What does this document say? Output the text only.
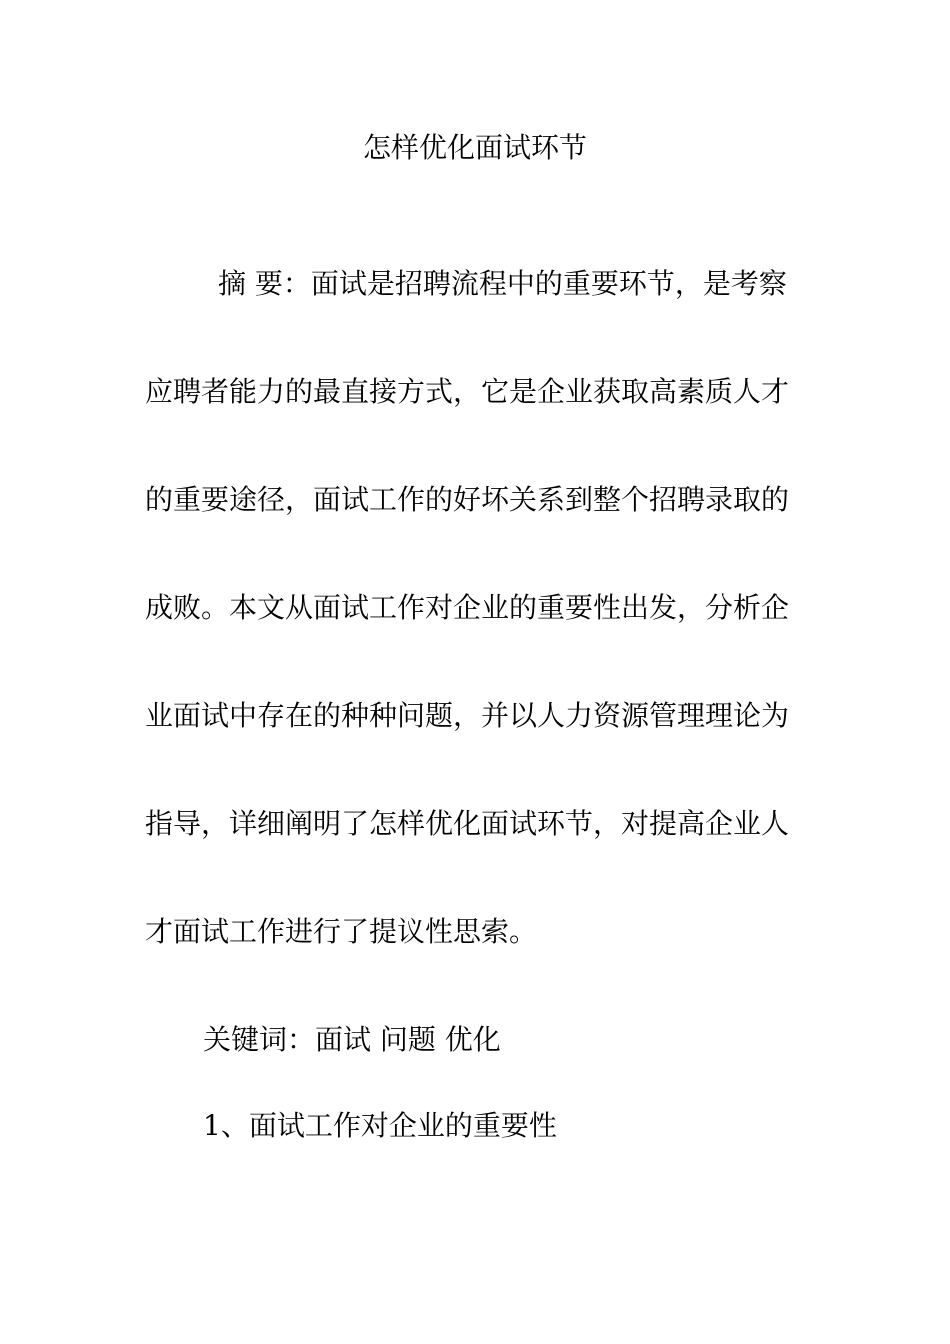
怎样优化面试环节
摘 要：面试是招聘流程中的重要环节，是考察
应聘者能力的最直接方式，它是企业获取高素质人才
的重要途径，面试工作的好坏关系到整个招聘录取的
成败。本文从面试工作对企业的重要性出发，分析企
业面试中存在的种种问题，并以人力资源管理理论为
指导，详细阐明了怎样优化面试环节，对提高企业人
才面试工作进行了提议性思索。
关键词：面试 问题 优化
1、面试工作对企业的重要性
